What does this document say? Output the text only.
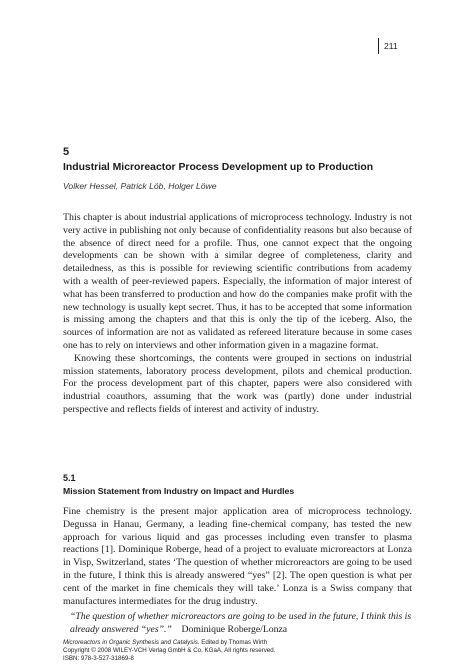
211
5
Industrial Microreactor Process Development up to Production
Volker Hessel, Patrick Löb, Holger Löwe

This chapter is about industrial applications of microprocess technology. Industry is not very active in publishing not only because of confidentiality reasons but also because of the absence of direct need for a profile. Thus, one cannot expect that the ongoing developments can be shown with a similar degree of completeness, clarity and detailedness, as this is possible for reviewing scientific contributions from academy with a wealth of peer-reviewed papers. Especially, the information of major interest of what has been transferred to production and how do the companies make profit with the new technology is usually kept secret. Thus, it has to be accepted that some information is missing among the chapters and that this is only the tip of the iceberg. Also, the sources of information are not as validated as refereed literature because in some cases one has to rely on interviews and other information given in a magazine format.

Knowing these shortcomings, the contents were grouped in sections on industrial mission statements, laboratory process development, pilots and chemical production. For the process development part of this chapter, papers were also considered with industrial coauthors, assuming that the work was (partly) done under industrial perspective and reflects fields of interest and activity of industry.

5.1
Mission Statement from Industry on Impact and Hurdles

Fine chemistry is the present major application area of microprocess technology. Degussa in Hanau, Germany, a leading fine-chemical company, has tested the new approach for various liquid and gas processes including even transfer to plasma reactions [1]. Dominique Roberge, head of a project to evaluate microreactors at Lonza in Visp, Switzerland, states ‘The question of whether microreactors are going to be used in the future, I think this is already answered “yes” [2]. The open question is what per cent of the market in fine chemicals they will take.’ Lonza is a Swiss company that manufactures intermediates for the drug industry.

“The question of whether microreactors are going to be used in the future, I think this is already answered “yes”.” Dominique Roberge/Lonza
Microreactors in Organic Synthesis and Catalysis. Edited by Thomas Wirth
Copyright © 2008 WILEY-VCH Verlag GmbH & Co. KGaA, All rights reserved.
ISBN: 978-3-527-31869-8
